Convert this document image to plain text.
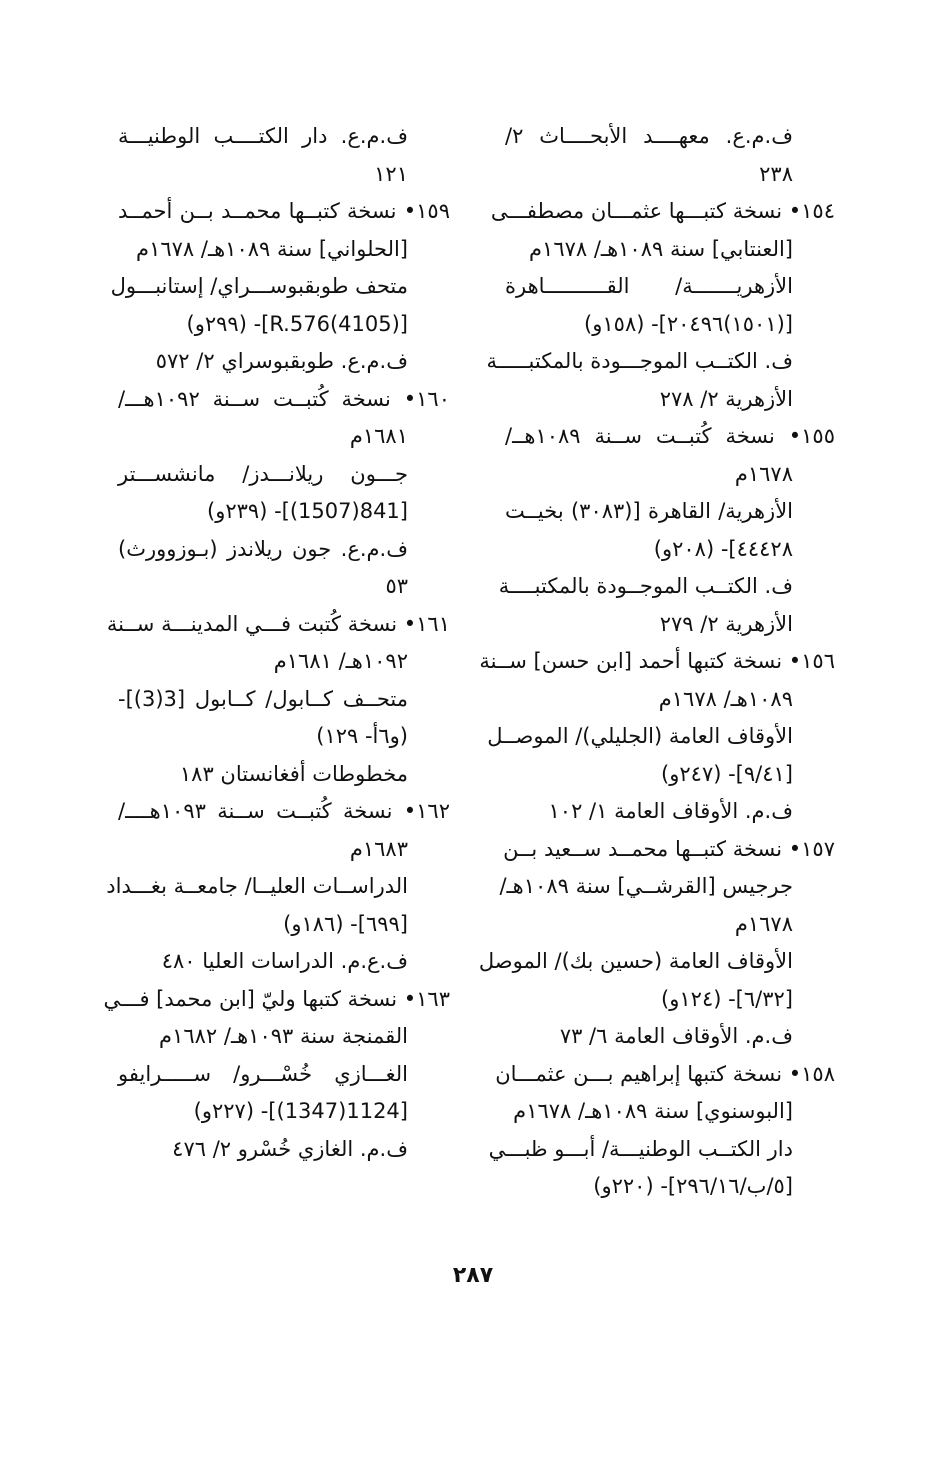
ف.م.ع. معهــــد الأبحــــاث ٢/
٢٣٨
١٥٤• نسخة كتبـــها عثمـــان مصطفـــى
[العنتابي] سنة ١٠٨٩هـ/ ١٦٧٨م
الأزهريـــــــة/ القــــــــــاهرة
[(١٥٠١)٢٠٤٩٦]- (١٥٨و)
ف. الكتــب الموجـــودة بالمكتبـــــة
الأزهرية ٢/ ٢٧٨
١٥٥• نسخة كُتبــت ســنة ١٠٨٩هــ/
١٦٧٨م
الأزهرية/ القاهرة [(٣٠٨٣) بخيــت
٤٤٤٢٨]- (٢٠٨و)
ف. الكتــب الموجــودة بالمكتبــــة
الأزهرية ٢/ ٢٧٩
١٥٦• نسخة كتبها أحمد [ابن حسن] ســنة
١٠٨٩هـ/ ١٦٧٨م
الأوقاف العامة (الجليلي)/ الموصــل
[٩/٤١]- (٢٤٧و)
ف.م. الأوقاف العامة ١/ ١٠٢
١٥٧• نسخة كتبــها محمــد ســعيد بــن
جرجيس [القرشــي] سنة ١٠٨٩هـ/
١٦٧٨م
الأوقاف العامة (حسين بك)/ الموصل
[٦/٣٢]- (١٢٤و)
ف.م. الأوقاف العامة ٦/ ٧٣
١٥٨• نسخة كتبها إبراهيم بـــن عثمـــان
[البوسنوي] سنة ١٠٨٩هـ/ ١٦٧٨م
دار الكتــب الوطنيـــة/ أبـــو ظبـــي
[٥/ب/٢٩٦/١٦]- (٢٢٠و)
ف.م.ع. دار الكتــــب الوطنيـــة
١٢١
١٥٩• نسخة كتبــها محمــد بــن أحمــد
[الحلواني] سنة ١٠٨٩هـ/ ١٦٧٨م
متحف طوبقبوســـراي/ إستانبـــول
[(4105)R.576]- (٢٩٩و)
ف.م.ع. طوبقبوسراي ٢/ ٥٧٢
١٦٠• نسخة كُتبــت ســنة ١٠٩٢هـــ/
١٦٨١م
جـــون ريلانـــدز/ مانشســـتر
[841(1507)]- (٢٣٩و)
ف.م.ع. جون ريلاندز (بـوزوورث)
٥٣
١٦١• نسخة كُتبت فـــي المدينـــة ســنة
١٠٩٢هـ/ ١٦٨١م
متحــف كــابول/ كــابول [3(3)]-
(و٦أ- ١٢٩)
مخطوطات أفغانستان ١٨٣
١٦٢• نسخة كُتبــت ســنة ١٠٩٣هــــ/
١٦٨٣م
الدراســات العليــا/ جامعــة بغـــداد
[٦٩٩]- (١٨٦و)
ف.ع.م. الدراسات العليا ٤٨٠
١٦٣• نسخة كتبها وليّ [ابن محمد] فـــي
القمنجة سنة ١٠٩٣هـ/ ١٦٨٢م
الغـــازي خُسْـــرو/ ســـــرايفو
[1124(1347)]- (٢٢٧و)
ف.م. الغازي خُسْرو ٢/ ٤٧٦
٢٨٧
